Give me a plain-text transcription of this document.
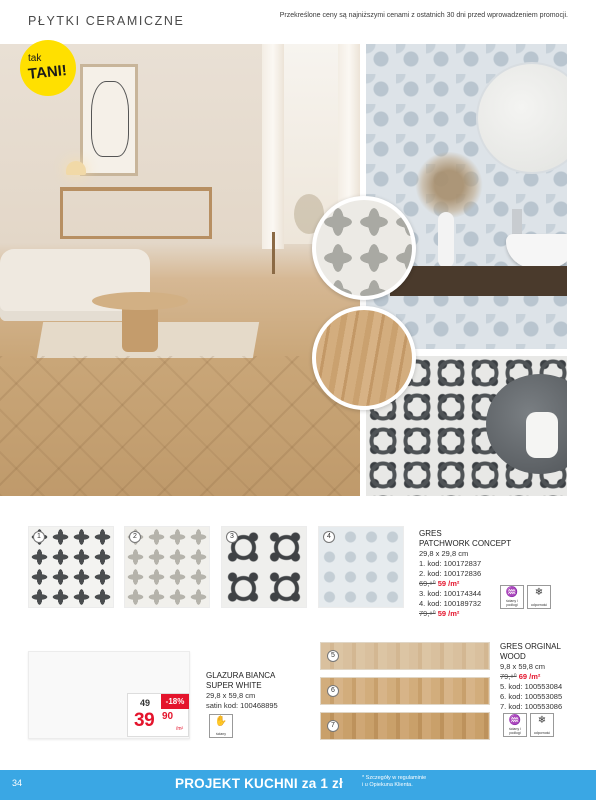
PŁYTKI CERAMICZNE	Przekreślone ceny są najniższymi cenami z ostatnich 30 dni przed wprowadzeniem promocji.
tak
TANI!
1	2	3	4	GRES
PATCHWORK CONCEPT
29,8 x 29,8 cm
1. kod: 100172837
2. kod: 100172836
69,⁹⁰ 59 /m²
3. kod: 100174344
4. kod: 100189732
79,⁹⁰ 59 /m²
♒
ściany i podłogi
❄
odporność
49	-18%
39 90
/m²
GLAZURA BIANCA
SUPER WHITE
29,8 x 59,8 cm
satin kod: 100468895
✋
ściany
5
6
7
GRES ORGINAL
WOOD
9,8 x 59,8 cm
79,⁹⁰ 69 /m²
5. kod: 100553084
6. kod: 100553085
7. kod: 100553086
♒
ściany i podłogi
❄
odporność
34	PROJEKT KUCHNI za 1 zł	* Szczegóły w regulaminie
i u Opiekuna Klienta.
